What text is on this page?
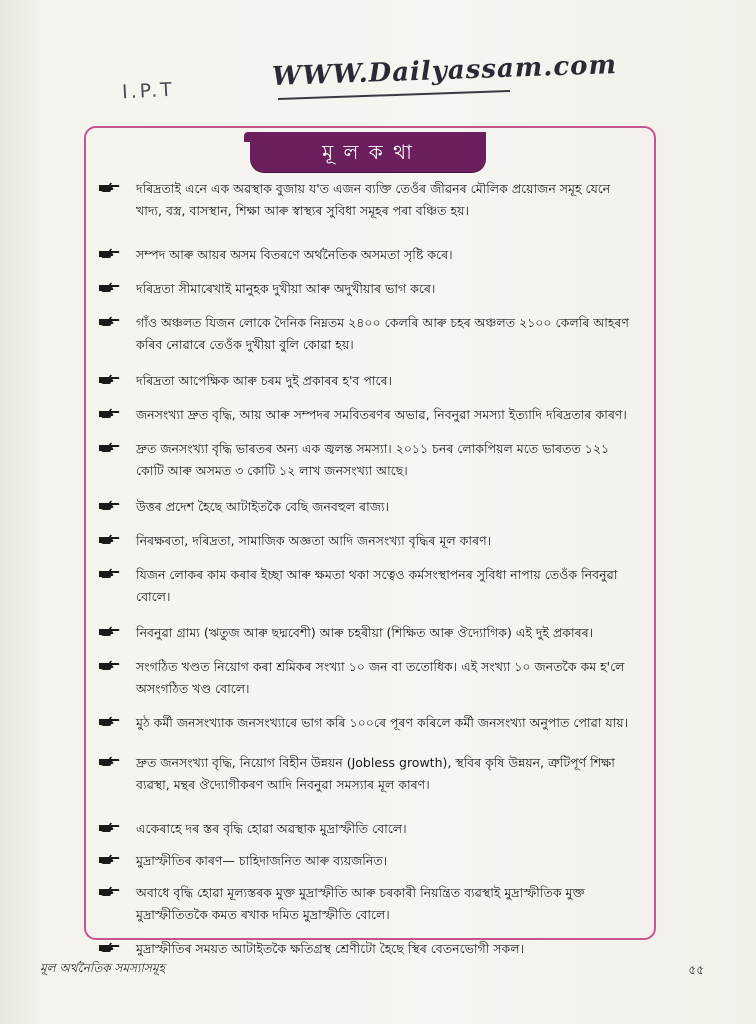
I.P.T	WWW.Dailyassam.com
মূ ল ক থা
দৰিদ্ৰতাই এনে এক অৱস্থাক বুজায় য'ত এজন ব্যক্তি তেওঁৰ জীৱনৰ মৌলিক প্ৰয়োজন সমূহ যেনে খাদ্য, বস্ত্ৰ, বাসস্থান, শিক্ষা আৰু স্বাস্থ্যৰ সুবিধা সমূহৰ পৰা বঞ্চিত হয়।
সম্পদ আৰু আয়ৰ অসম বিতৰণে অৰ্থনৈতিক অসমতা সৃষ্টি কৰে।
দৰিদ্ৰতা সীমাৰেখাই মানুহক দুখীয়া আৰু অদুখীয়াৰ ভাগ কৰে।
গাঁও অঞ্চলত যিজন লোকে দৈনিক নিম্নতম ২৪০০ কেলৰি আৰু চহৰ অঞ্চলত ২১০০ কেলৰি আহৰণ কৰিব নোৱাৰে তেওঁক দুখীয়া বুলি কোৱা হয়।
দৰিদ্ৰতা আপেক্ষিক আৰু চৰম দুই প্ৰকাৰৰ হ'ব পাৰে।
জনসংখ্যা দ্ৰুত বৃদ্ধি, আয় আৰু সম্পদৰ সমবিতৰণৰ অভাৱ, নিবনুৱা সমস্যা ইত্যাদি দৰিদ্ৰতাৰ কাৰণ।
দ্ৰুত জনসংখ্যা বৃদ্ধি ভাৰতৰ অন্য এক জ্বলন্ত সমস্যা। ২০১১ চনৰ লোকপিয়ল মতে ভাৰতত ১২১ কোটি আৰু অসমত ৩ কোটি ১২ লাখ জনসংখ্যা আছে।
উত্তৰ প্ৰদেশ হৈছে আটাইতকৈ বেছি জনবহুল ৰাজ্য।
নিৰক্ষৰতা, দৰিদ্ৰতা, সামাজিক অজ্ঞতা আদি জনসংখ্যা বৃদ্ধিৰ মূল কাৰণ।
যিজন লোকৰ কাম কৰাৰ ইচ্ছা আৰু ক্ষমতা থকা সত্বেও কৰ্মসংস্থাপনৰ সুবিধা নাপায় তেওঁক নিবনুৱা বোলে।
নিবনুৱা গ্ৰাম্য (ঋতুজ আৰু ছদ্মবেশী) আৰু চহৰীয়া (শিক্ষিত আৰু ঔদ্যোগিক) এই দুই প্ৰকাৰৰ।
সংগঠিত খণ্ডত নিয়োগ কৰা শ্ৰমিকৰ সংখ্যা ১০ জন বা ততোধিক। এই সংখ্যা ১০ জনতকৈ কম হ'লে অসংগঠিত খণ্ড বোলে।
মুঠ কৰ্মী জনসংখ্যাক জনসংখ্যাৰে ভাগ কৰি ১০০ৰে পূৰণ কৰিলে কৰ্মী জনসংখ্যা অনুপাত পোৱা যায়।
দ্ৰুত জনসংখ্যা বৃদ্ধি, নিয়োগ বিহীন উন্নয়ন (Jobless growth), স্থবিৰ কৃষি উন্নয়ন, ত্ৰুটিপূৰ্ণ শিক্ষা ব্যৱস্থা, মন্থৰ ঔদ্যোগীকৰণ আদি নিবনুৱা সমস্যাৰ মূল কাৰণ।
একেৰাহে দৰ স্তৰ বৃদ্ধি হোৱা অৱস্থাক মুদ্ৰাস্ফীতি বোলে।
মুদ্ৰাস্ফীতিৰ কাৰণ— চাহিদাজনিত আৰু ব্যয়জনিত।
অবাধে বৃদ্ধি হোৱা মূল্যস্তৰক মুক্ত মুদ্ৰাস্ফীতি আৰু চৰকাৰী নিয়ন্ত্ৰিত ব্যৱস্থাই মুদ্ৰাস্ফীতিক মুক্ত মুদ্ৰাস্ফীতিতকৈ কমত ৰখাক দমিত মুদ্ৰাস্ফীতি বোলে।
মুদ্ৰাস্ফীতিৰ সময়ত আটাইতকৈ ক্ষতিগ্ৰস্থ শ্ৰেণীটো হৈছে স্থিৰ বেতনভোগী সকল।
মূল অৰ্থনৈতিক সমস্যাসমূহ	৫৫
